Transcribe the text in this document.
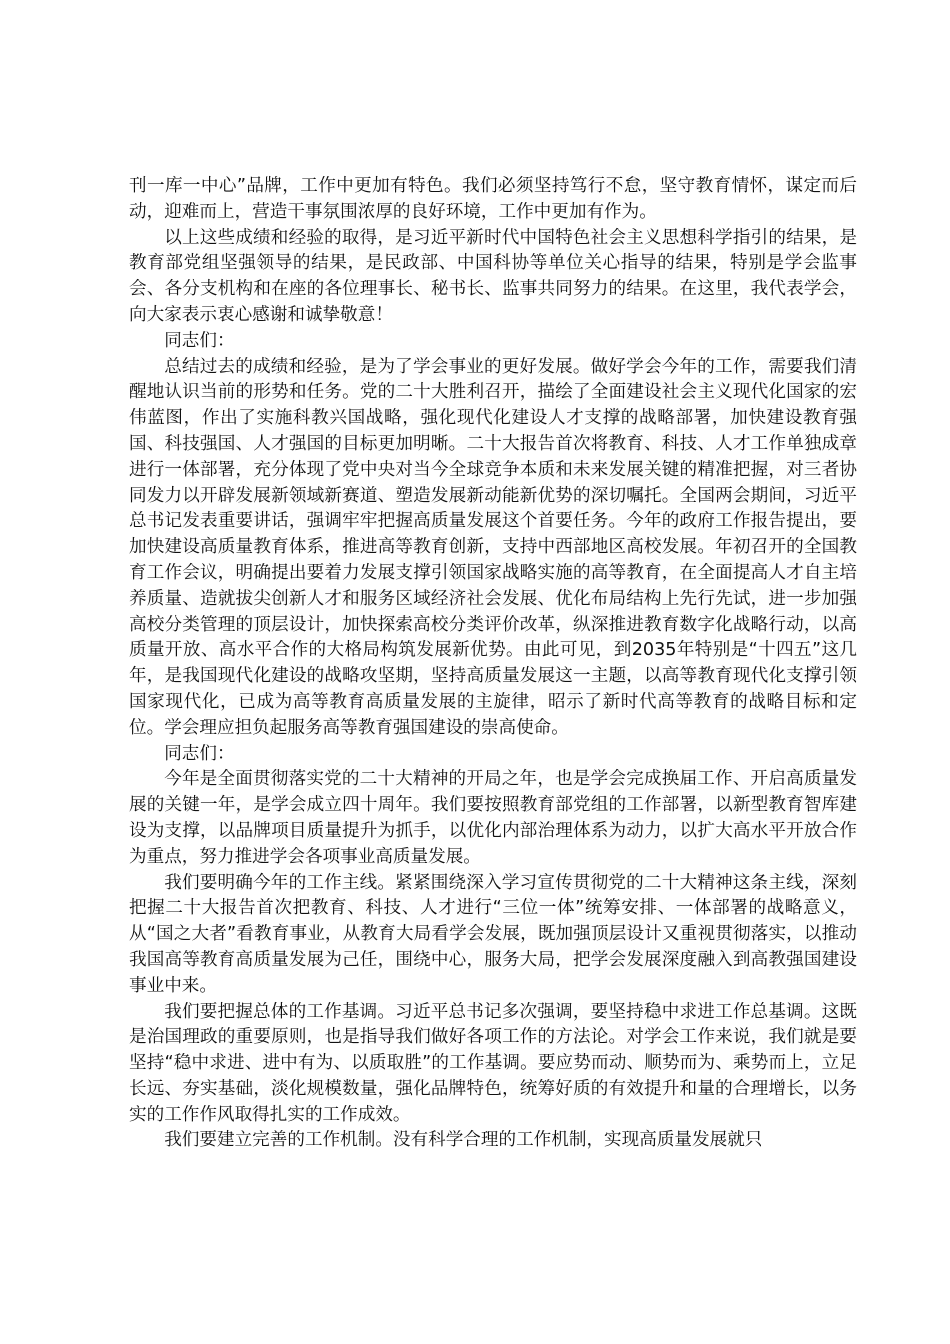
刊一库一中心”品牌，工作中更加有特色。我们必须坚持笃行不怠，坚守教育情怀，谋定而后动，迎难而上，营造干事氛围浓厚的良好环境，工作中更加有作为。

以上这些成绩和经验的取得，是习近平新时代中国特色社会主义思想科学指引的结果，是教育部党组坚强领导的结果，是民政部、中国科协等单位关心指导的结果，特别是学会监事会、各分支机构和在座的各位理事长、秘书长、监事共同努力的结果。在这里，我代表学会，向大家表示衷心感谢和诚挚敬意！

同志们：

总结过去的成绩和经验，是为了学会事业的更好发展。做好学会今年的工作，需要我们清醒地认识当前的形势和任务。党的二十大胜利召开，描绘了全面建设社会主义现代化国家的宏伟蓝图，作出了实施科教兴国战略，强化现代化建设人才支撑的战略部署，加快建设教育强国、科技强国、人才强国的目标更加明晰。二十大报告首次将教育、科技、人才工作单独成章进行一体部署，充分体现了党中央对当今全球竞争本质和未来发展关键的精准把握，对三者协同发力以开辟发展新领域新赛道、塑造发展新动能新优势的深切嘱托。全国两会期间，习近平总书记发表重要讲话，强调牢牢把握高质量发展这个首要任务。今年的政府工作报告提出，要加快建设高质量教育体系，推进高等教育创新，支持中西部地区高校发展。年初召开的全国教育工作会议，明确提出要着力发展支撑引领国家战略实施的高等教育，在全面提高人才自主培养质量、造就拔尖创新人才和服务区域经济社会发展、优化布局结构上先行先试，进一步加强高校分类管理的顶层设计，加快探索高校分类评价改革，纵深推进教育数字化战略行动，以高质量开放、高水平合作的大格局构筑发展新优势。由此可见，到2035年特别是“十四五”这几年，是我国现代化建设的战略攻坚期，坚持高质量发展这一主题，以高等教育现代化支撑引领国家现代化，已成为高等教育高质量发展的主旋律，昭示了新时代高等教育的战略目标和定位。学会理应担负起服务高等教育强国建设的崇高使命。

同志们：

今年是全面贯彻落实党的二十大精神的开局之年，也是学会完成换届工作、开启高质量发展的关键一年，是学会成立四十周年。我们要按照教育部党组的工作部署，以新型教育智库建设为支撑，以品牌项目质量提升为抓手，以优化内部治理体系为动力，以扩大高水平开放合作为重点，努力推进学会各项事业高质量发展。

我们要明确今年的工作主线。紧紧围绕深入学习宣传贯彻党的二十大精神这条主线，深刻把握二十大报告首次把教育、科技、人才进行“三位一体”统筹安排、一体部署的战略意义，从“国之大者”看教育事业，从教育大局看学会发展，既加强顶层设计又重视贯彻落实，以推动我国高等教育高质量发展为己任，围绕中心，服务大局，把学会发展深度融入到高教强国建设事业中来。

我们要把握总体的工作基调。习近平总书记多次强调，要坚持稳中求进工作总基调。这既是治国理政的重要原则，也是指导我们做好各项工作的方法论。对学会工作来说，我们就是要坚持“稳中求进、进中有为、以质取胜”的工作基调。要应势而动、顺势而为、乘势而上，立足长远、夯实基础，淡化规模数量，强化品牌特色，统筹好质的有效提升和量的合理增长，以务实的工作作风取得扎实的工作成效。

我们要建立完善的工作机制。没有科学合理的工作机制，实现高质量发展就只
